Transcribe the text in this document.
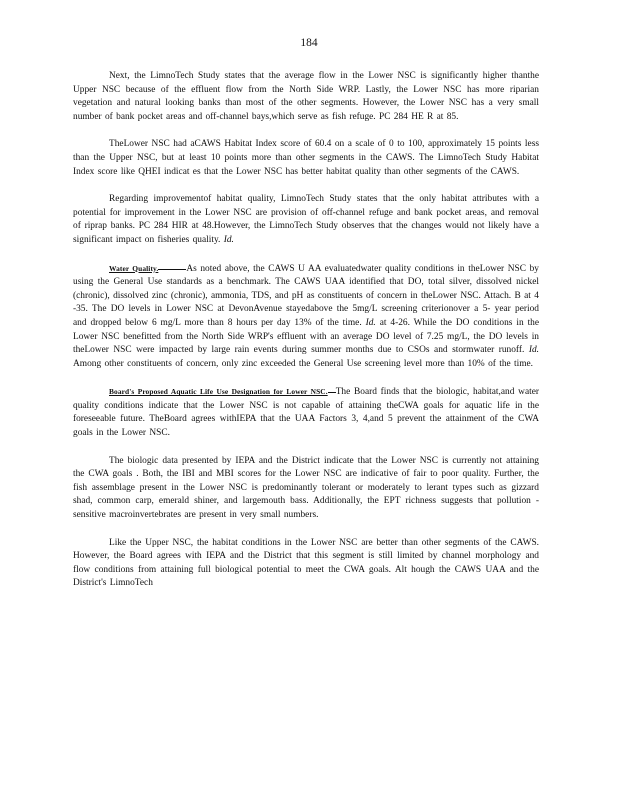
184

Next, the LimnoTech Study states that the average flow in the Lower NSC is significantly higher thanthe Upper NSC because of the effluent flow from the North Side WRP. Lastly, the Lower NSC has more riparian vegetation and natural looking banks than most of the other segments. However, the Lower NSC has a very small number of bank pocket areas and off-channel bays,which serve as fish refuge. PC 284 HE R at 85.

TheLower NSC had aCAWS Habitat Index score of 60.4 on a scale of 0 to 100, approximately 15 points less than the Upper NSC, but at least 10 points more than other segments in the CAWS. The LimnoTech Study Habitat Index score like QHEI indicat es that the Lower NSC has better habitat quality than other segments of the CAWS.

Regarding improvementof habitat quality, LimnoTech Study states that the only habitat attributes with a potential for improvement in the Lower NSC are provision of off-channel refuge and bank pocket areas, and removal of riprap banks. PC 284 HIR at 48.However, the LimnoTech Study observes that the changes would not likely have a significant impact on fisheries quality. Id.

Water Quality.	As noted above, the CAWS U AA evaluatedwater quality conditions in theLower NSC by using the General Use standards as a benchmark. The CAWS UAA identified that DO, total silver, dissolved nickel (chronic), dissolved zinc (chronic), ammonia, TDS, and pH as constituents of concern in theLower NSC. Attach. B at 4 -35. The DO levels in Lower NSC at DevonAvenue stayedabove the 5mg/L screening criterionover a 5- year period and dropped below 6 mg/L more than 8 hours per day 13% of the time. Id. at 4-26. While the DO conditions in the Lower NSC benefitted from the North Side WRP's effluent with an average DO level of 7.25 mg/L, the DO levels in theLower NSC were impacted by large rain events during summer months due to CSOs and stormwater runoff. Id. Among other constituents of concern, only zinc exceeded the General Use screening level more than 10% of the time.

Board's Proposed Aquatic Life Use Designation for Lower NSC. The Board finds that the biologic, habitat,and water quality conditions indicate that the Lower NSC is not capable of attaining theCWA goals for aquatic life in the foreseeable future. TheBoard agrees withIEPA that the UAA Factors 3, 4,and 5 prevent the attainment of the CWA goals in the Lower NSC.

The biologic data presented by IEPA and the District indicate that the Lower NSC is currently not attaining the CWA goals . Both, the IBI and MBI scores for the Lower NSC are indicative of fair to poor quality. Further, the fish assemblage present in the Lower NSC is predominantly tolerant or moderately to lerant types such as gizzard shad, common carp, emerald shiner, and largemouth bass. Additionally, the EPT richness suggests that pollution -sensitive macroinvertebrates are present in very small numbers.

Like the Upper NSC, the habitat conditions in the Lower NSC are better than other segments of the CAWS. However, the Board agrees with IEPA and the District that this segment is still limited by channel morphology and flow conditions from attaining full biological potential to meet the CWA goals. Alt hough the CAWS UAA and the District's LimnoTech
